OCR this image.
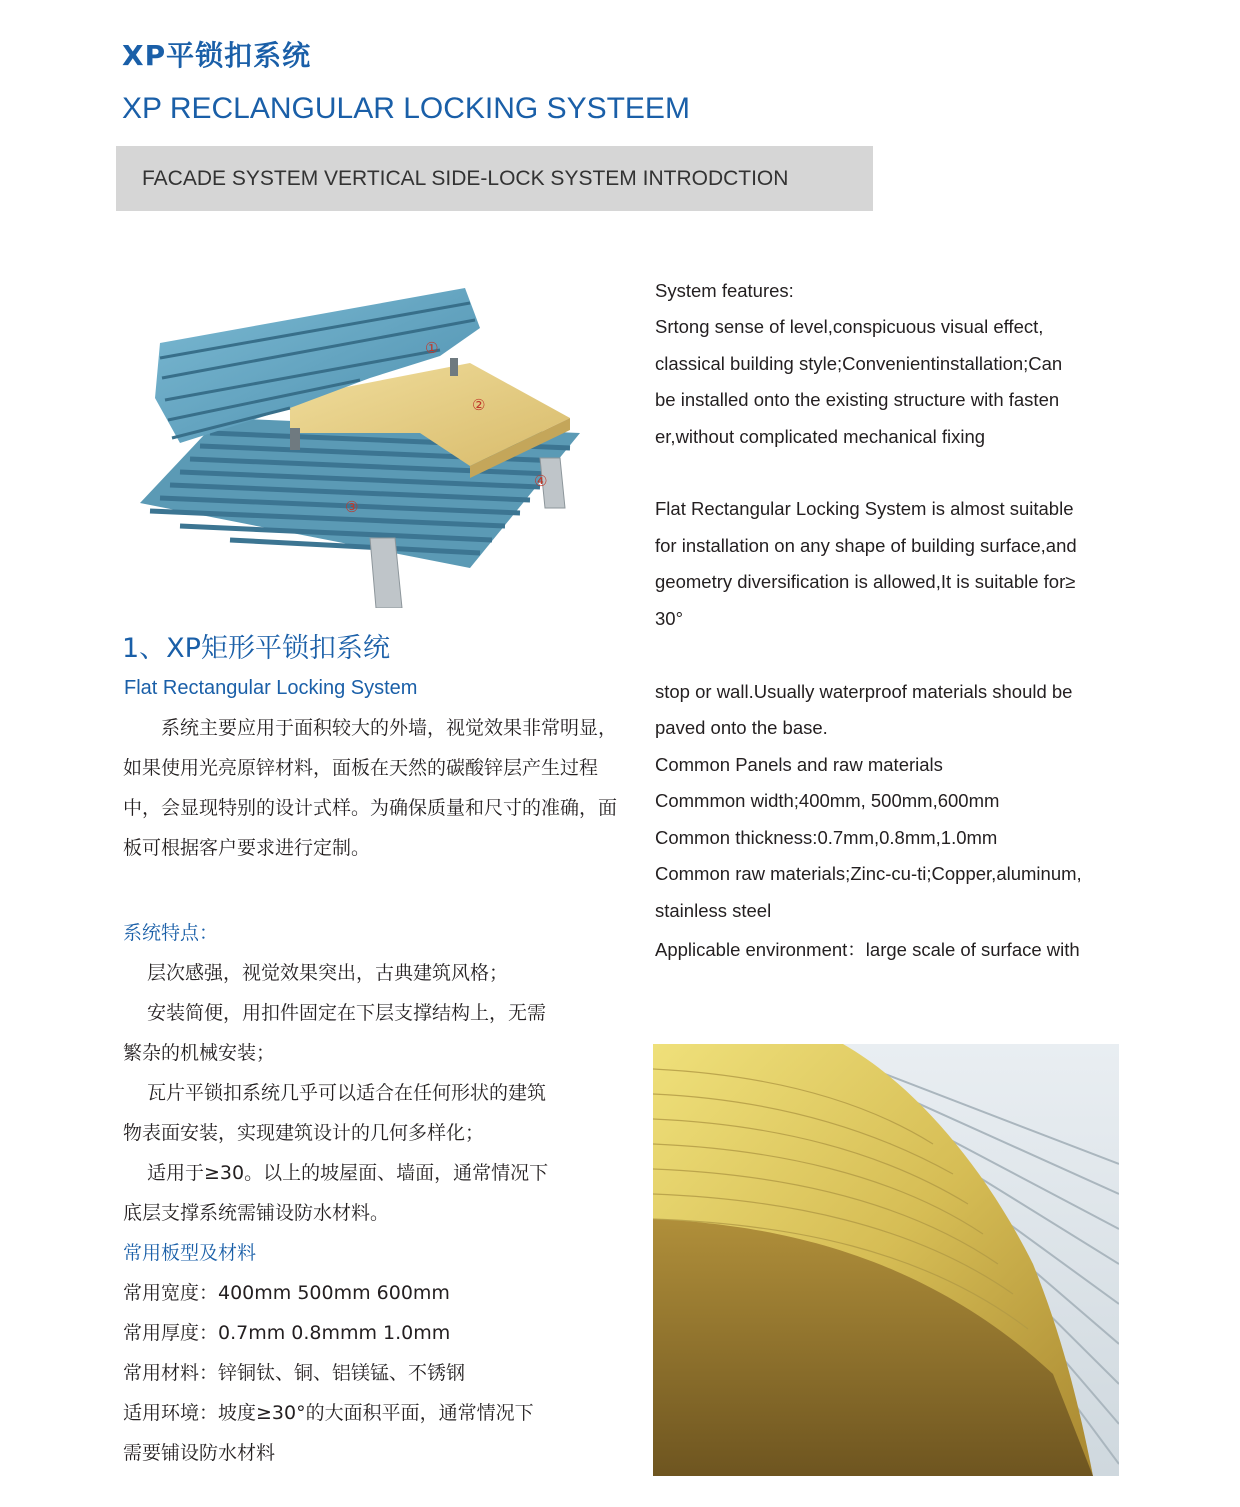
XP平锁扣系统
XP RECLANGULAR LOCKING SYSTEEM
FACADE SYSTEM VERTICAL SIDE-LOCK SYSTEM INTRODCTION
①
②
③
④
1、XP矩形平锁扣系统
Flat Rectangular Locking System
系统主要应用于面积较大的外墙，视觉效果非常明显，如果使用光亮原锌材料，面板在天然的碳酸锌层产生过程中，会显现特别的设计式样。为确保质量和尺寸的准确，面板可根据客户要求进行定制。
系统特点：
层次感强，视觉效果突出，古典建筑风格；
安装简便，用扣件固定在下层支撑结构上，无需
繁杂的机械安装；
瓦片平锁扣系统几乎可以适合在任何形状的建筑
物表面安装，实现建筑设计的几何多样化；
适用于≥30。以上的坡屋面、墙面，通常情况下
底层支撑系统需铺设防水材料。
常用板型及材料
常用宽度：400mm 500mm 600mm
常用厚度：0.7mm 0.8mmm 1.0mm
常用材料：锌铜钛、铜、铝镁锰、不锈钢
适用环境：坡度≥30°的大面积平面，通常情况下
需要铺设防水材料
System features:
Srtong sense of level,conspicuous visual effect,
classical building style;Convenientinstallation;Can
be installed onto the existing structure with fasten
er,without complicated mechanical fixing
Flat Rectangular Locking System is almost suitable
for installation on any shape of building surface,and
geometry diversification is allowed,It is suitable for≥
30°
stop or wall.Usually waterproof materials should be
paved onto the base.
Common Panels and raw materials
Commmon width;400mm, 500mm,600mm
Common thickness:0.7mm,0.8mm,1.0mm
Common raw materials;Zinc-cu-ti;Copper,aluminum,
stainless steel
Applicable environment：large scale of surface with
